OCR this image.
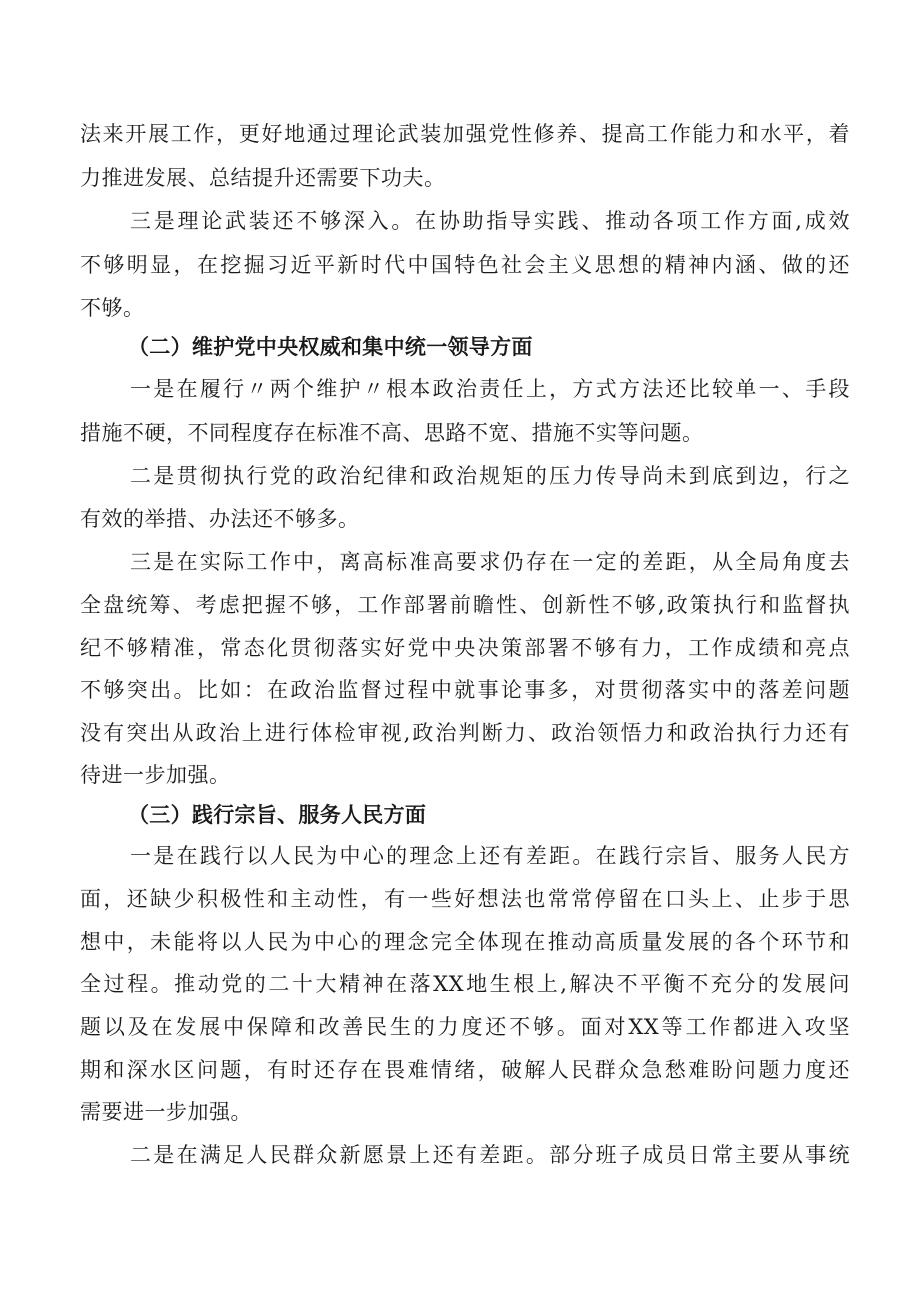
法来开展工作，更好地通过理论武装加强党性修养、提高工作能力和水平，着
力推进发展、总结提升还需要下功夫。
三是理论武装还不够深入。在协助指导实践、推动各项工作方面,成效
不够明显，在挖掘习近平新时代中国特色社会主义思想的精神内涵、做的还
不够。
（二）维护党中央权威和集中统一领导方面
一是在履行〃两个维护〃根本政治责任上，方式方法还比较单一、手段
措施不硬，不同程度存在标准不高、思路不宽、措施不实等问题。
二是贯彻执行党的政治纪律和政治规矩的压力传导尚未到底到边，行之
有效的举措、办法还不够多。
三是在实际工作中，离高标准高要求仍存在一定的差距，从全局角度去
全盘统筹、考虑把握不够，工作部署前瞻性、创新性不够,政策执行和监督执
纪不够精准，常态化贯彻落实好党中央决策部署不够有力，工作成绩和亮点
不够突出。比如：在政治监督过程中就事论事多，对贯彻落实中的落差问题
没有突出从政治上进行体检审视,政治判断力、政治领悟力和政治执行力还有
待进一步加强。
（三）践行宗旨、服务人民方面
一是在践行以人民为中心的理念上还有差距。在践行宗旨、服务人民方
面，还缺少积极性和主动性，有一些好想法也常常停留在口头上、止步于思
想中，未能将以人民为中心的理念完全体现在推动高质量发展的各个环节和
全过程。推动党的二十大精神在落XX地生根上,解决不平衡不充分的发展问
题以及在发展中保障和改善民生的力度还不够。面对XX等工作都进入攻坚
期和深水区问题，有时还存在畏难情绪，破解人民群众急愁难盼问题力度还
需要进一步加强。
二是在满足人民群众新愿景上还有差距。部分班子成员日常主要从事统
